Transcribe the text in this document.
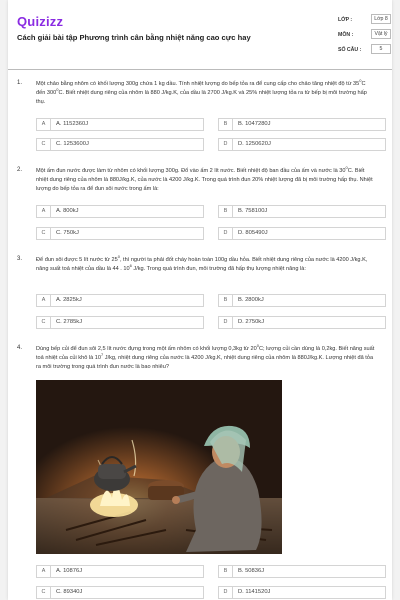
Quizizz
Cách giải bài tập Phương trình cân bằng nhiệt năng cao cực hay
LỚP :	Lớp 8
MÔN :	Vật lý
SỐ CÂU :	5
1. Một chảo bằng nhôm có khối lượng 300g chứa 1 kg dầu. Tính nhiệt lượng do bếp tỏa ra để cung cấp cho chảo tăng nhiệt độ từ $35^0C$ đến $300^0C$. Biết nhiệt dung riêng của nhôm là 880 J/kg.K, của dầu là 2700 J/kg.K và 25% nhiệt lượng tỏa ra từ bếp bị môi trường hấp thụ.
A	A. 1152360J	B	B. 1047280J
C	C. 1253600J	D	D. 1250620J
2. Một ấm đun nước được làm từ nhôm có khối lượng 300g. Đổ vào ấm 2 lít nước. Biết nhiệt độ ban đầu của ấm và nước là $30^0C$. Biết nhiệt dung riêng của nhôm là 880J/kg.K, của nước là 4200 J/kg.K. Trong quá trình đun 20% nhiệt lượng đã bị môi trường hấp thụ. Nhiệt lượng do bếp tỏa ra để đun sôi nước trong ấm là:
A	A. 800kJ	B	B. 758100J
C	C. 750kJ	D	D. 805490J
3. Để đun sôi được 5 lít nước từ $25^0$, thì người ta phải đốt cháy hoàn toàn 100g dầu hỏa. Biết nhiệt dung riêng của nước là 4200 J/kg.K, năng suất toả nhiệt của dầu là 44 . $10^6$ J/kg. Trong quá trình đun, môi trường đã hấp thụ lượng nhiệt năng là:
A	A. 2825kJ	B	B. 2800kJ
C	C. 2785kJ	D	D. 2750kJ
4. Dùng bếp củi để đun sôi 2,5 lít nước đựng trong một ấm nhôm có khối lượng 0,3kg từ $20^0C$; lượng củi cần dùng là 0,2kg. Biết năng suất toả nhiệt của củi khô là $10^7$ J/kg, nhiệt dung riêng của nước là 4200 J/kg.K, nhiệt dung riêng của nhôm là 880J/kg.K. Lượng nhiệt đã tỏa ra môi trường trong quá trình đun nước là bao nhiêu?
A	A. 10876J	B	B. 50836J
C	C. 89340J	D	D. 1141520J
